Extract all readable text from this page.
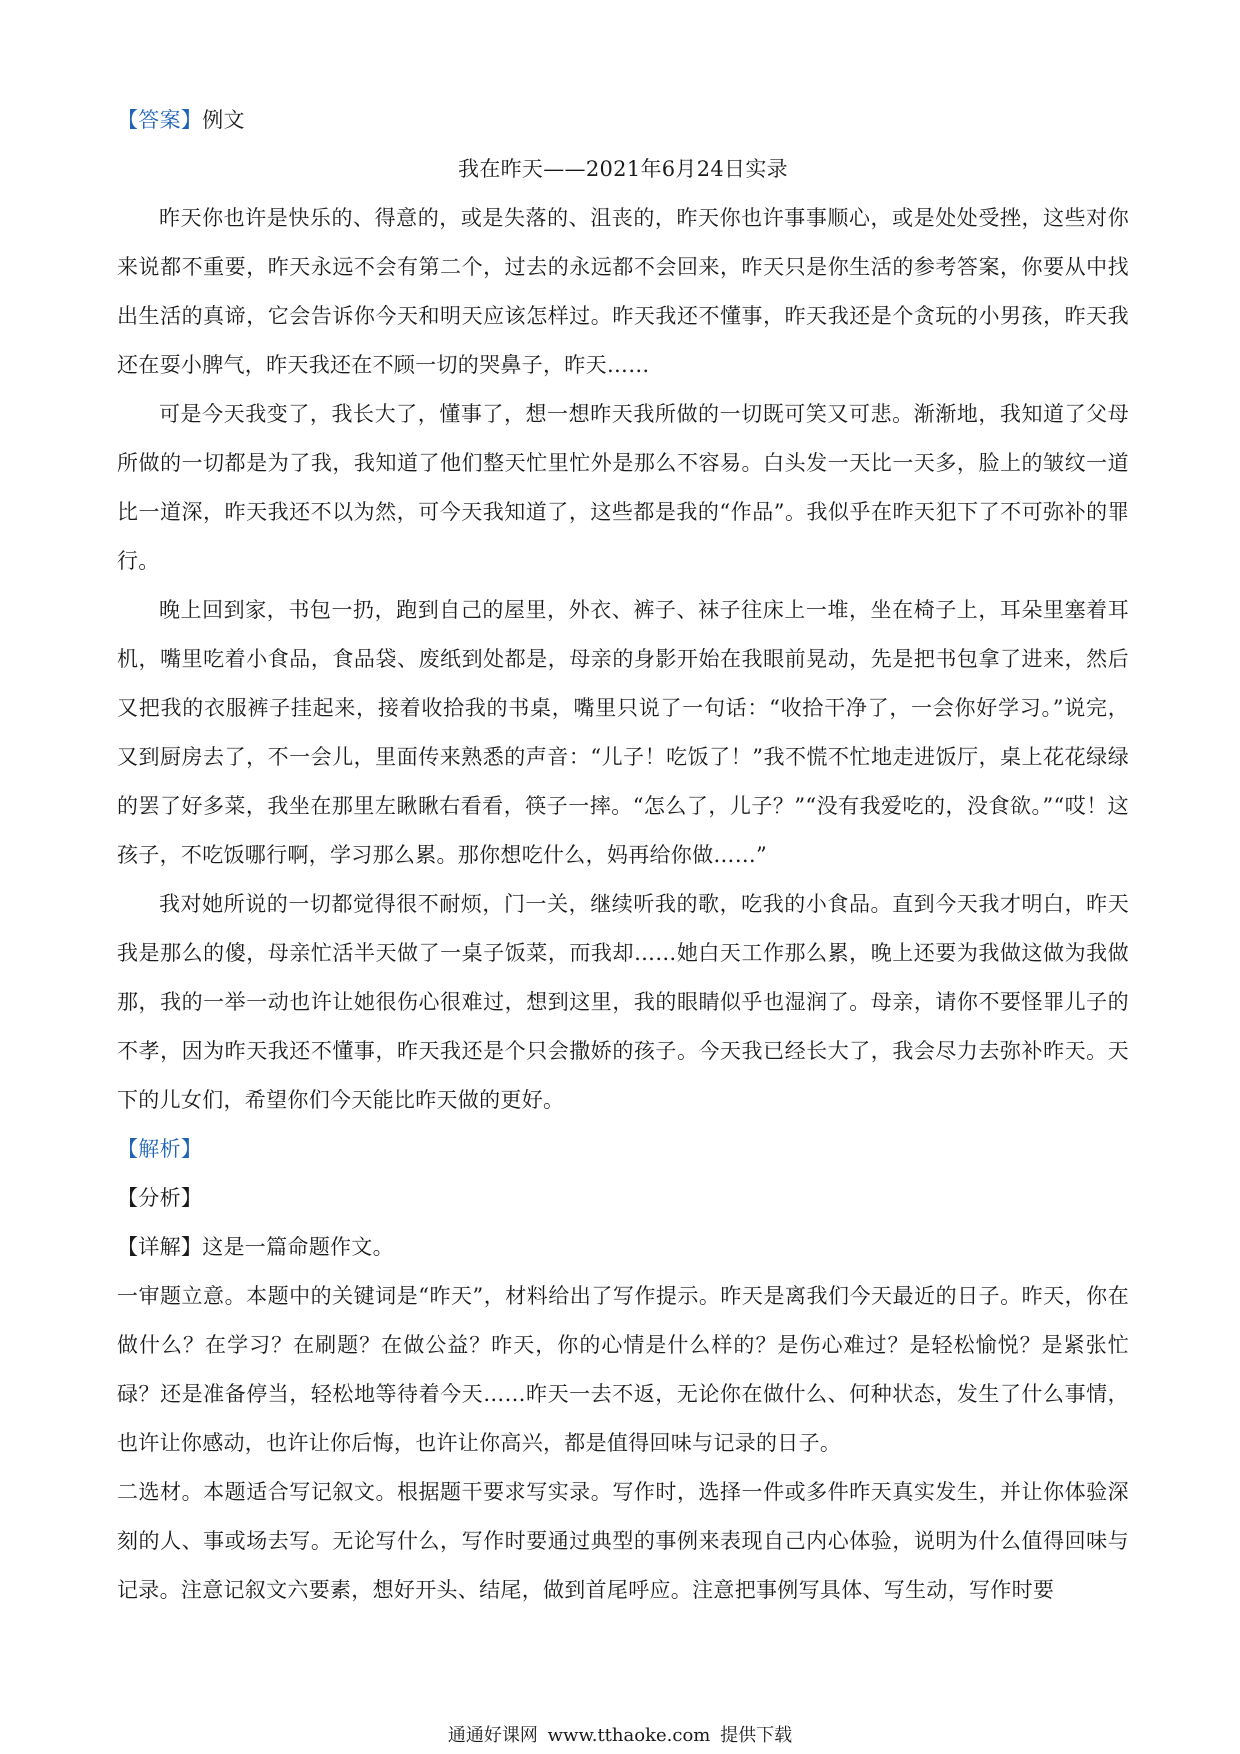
【答案】例文

我在昨天——2021年6月24日实录

昨天你也许是快乐的、得意的，或是失落的、沮丧的，昨天你也许事事顺心，或是处处受挫，这些对你来说都不重要，昨天永远不会有第二个，过去的永远都不会回来，昨天只是你生活的参考答案，你要从中找出生活的真谛，它会告诉你今天和明天应该怎样过。昨天我还不懂事，昨天我还是个贪玩的小男孩，昨天我还在耍小脾气，昨天我还在不顾一切的哭鼻子，昨天……

可是今天我变了，我长大了，懂事了，想一想昨天我所做的一切既可笑又可悲。渐渐地，我知道了父母所做的一切都是为了我，我知道了他们整天忙里忙外是那么不容易。白头发一天比一天多，脸上的皱纹一道比一道深，昨天我还不以为然，可今天我知道了，这些都是我的“作品”。我似乎在昨天犯下了不可弥补的罪行。

晚上回到家，书包一扔，跑到自己的屋里，外衣、裤子、袜子往床上一堆，坐在椅子上，耳朵里塞着耳机，嘴里吃着小食品，食品袋、废纸到处都是，母亲的身影开始在我眼前晃动，先是把书包拿了进来，然后又把我的衣服裤子挂起来，接着收拾我的书桌，嘴里只说了一句话：“收拾干净了，一会你好学习。”说完，又到厨房去了，不一会儿，里面传来熟悉的声音：“儿子！吃饭了！”我不慌不忙地走进饭厅，桌上花花绿绿的罢了好多菜，我坐在那里左瞅瞅右看看，筷子一摔。“怎么了，儿子？”“没有我爱吃的，没食欲。”“哎！这孩子，不吃饭哪行啊，学习那么累。那你想吃什么，妈再给你做……”

我对她所说的一切都觉得很不耐烦，门一关，继续听我的歌，吃我的小食品。直到今天我才明白，昨天我是那么的傻，母亲忙活半天做了一桌子饭菜，而我却……她白天工作那么累，晚上还要为我做这做为我做那，我的一举一动也许让她很伤心很难过，想到这里，我的眼睛似乎也湿润了。母亲，请你不要怪罪儿子的不孝，因为昨天我还不懂事，昨天我还是个只会撒娇的孩子。今天我已经长大了，我会尽力去弥补昨天。天下的儿女们，希望你们今天能比昨天做的更好。

【解析】

【分析】

【详解】这是一篇命题作文。

一审题立意。本题中的关键词是“昨天”，材料给出了写作提示。昨天是离我们今天最近的日子。昨天，你在做什么？在学习？在刷题？在做公益？昨天，你的心情是什么样的？是伤心难过？是轻松愉悦？是紧张忙碌？还是准备停当，轻松地等待着今天……昨天一去不返，无论你在做什么、何种状态，发生了什么事情，也许让你感动，也许让你后悔，也许让你高兴，都是值得回味与记录的日子。

二选材。本题适合写记叙文。根据题干要求写实录。写作时，选择一件或多件昨天真实发生，并让你体验深刻的人、事或场去写。无论写什么，写作时要通过典型的事例来表现自己内心体验，说明为什么值得回味与记录。注意记叙文六要素，想好开头、结尾，做到首尾呼应。注意把事例写具体、写生动，写作时要

通通好课网 www.tthaoke.com 提供下载
